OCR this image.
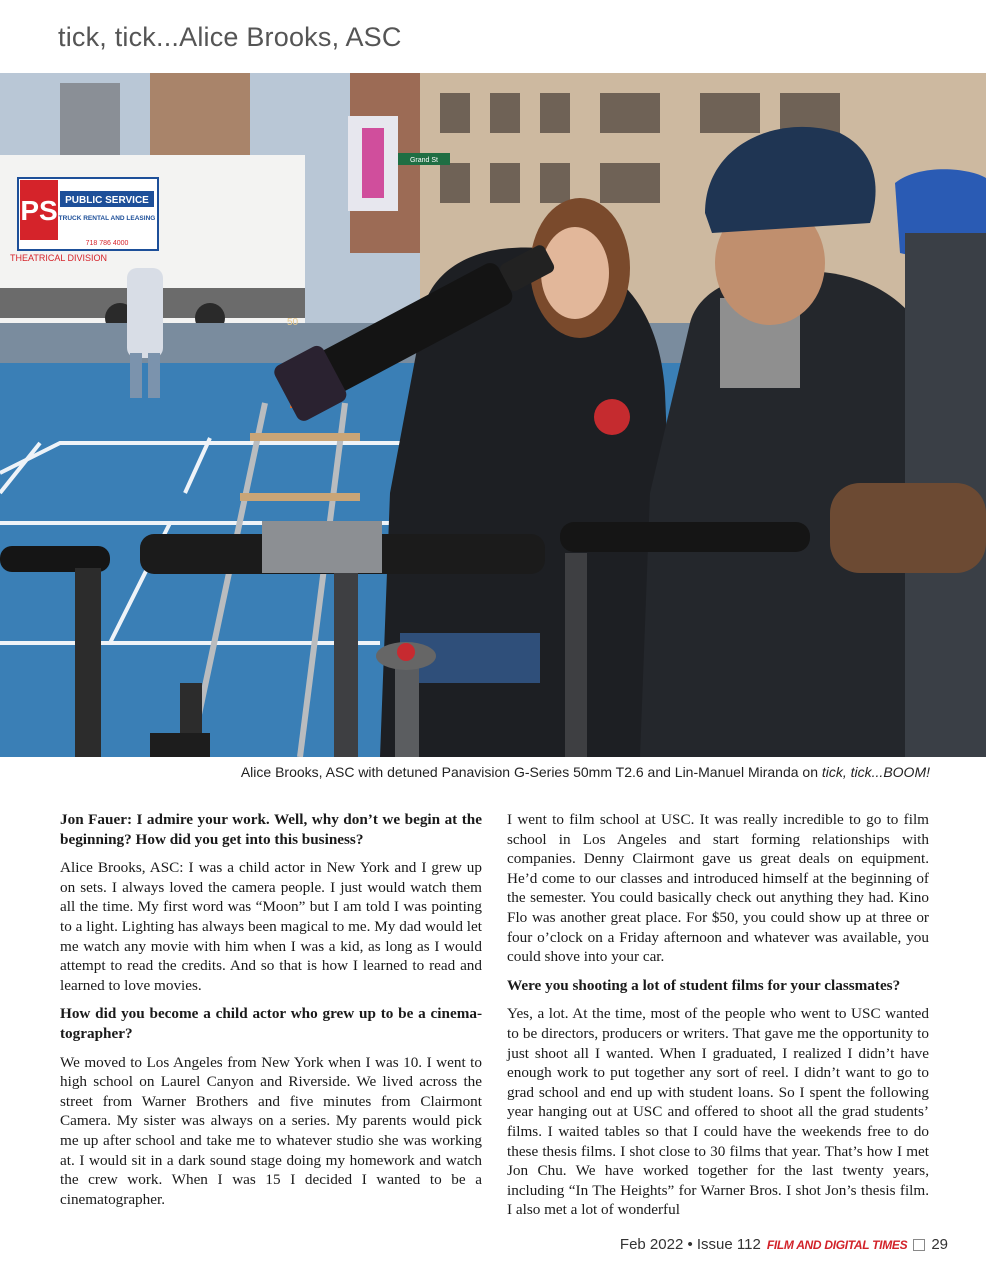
tick, tick...Alice Brooks, ASC
Grand St
PS PUBLIC SERVICE
TRUCK RENTAL AND LEASING
718 786 4000
THEATRICAL DIVISION
50
Alice Brooks, ASC with detuned Panavision G-Series 50mm T2.6 and Lin-Manuel Miranda on tick, tick...BOOM!

Jon Fauer: I admire your work. Well, why don’t we begin at the beginning? How did you get into this business?

Alice Brooks, ASC: I was a child actor in New York and I grew up on sets. I always loved the camera people. I just would watch them all the time. My first word was “Moon” but I am told I was pointing to a light. Lighting has always been magical to me. My dad would let me watch any movie with him when I was a kid, as long as I would attempt to read the credits. And so that is how I learned to read and learned to love movies.

How did you become a child actor who grew up to be a cinematographer?

We moved to Los Angeles from New York when I was 10. I went to high school on Laurel Canyon and Riverside. We lived across the street from Warner Brothers and five minutes from Clairmont Camera. My sister was always on a series. My parents would pick me up after school and take me to whatever studio she was working at. I would sit in a dark sound stage doing my homework and watch the crew work. When I was 15 I decided I wanted to be a cinematographer.

I went to film school at USC. It was really incredible to go to film school in Los Angeles and start forming relationships with companies. Denny Clairmont gave us great deals on equipment. He’d come to our classes and introduced himself at the beginning of the semester. You could basically check out anything they had. Kino Flo was another great place. For $50, you could show up at three or four o’clock on a Friday afternoon and whatever was available, you could shove into your car.

Were you shooting a lot of student films for your classmates?

Yes, a lot. At the time, most of the people who went to USC wanted to be directors, producers or writers. That gave me the opportunity to just shoot all I wanted. When I graduated, I realized I didn’t have enough work to put together any sort of reel. I didn’t want to go to grad school and end up with student loans. So I spent the following year hanging out at USC and offered to shoot all the grad students’ films. I waited tables so that I could have the weekends free to do these thesis films. I shot close to 30 films that year. That’s how I met Jon Chu. We have worked together for the last twenty years, including “In The Heights” for Warner Bros. I shot Jon’s thesis film. I also met a lot of wonderful

Feb 2022 • Issue 112 FILM AND DIGITAL TIMES 29
